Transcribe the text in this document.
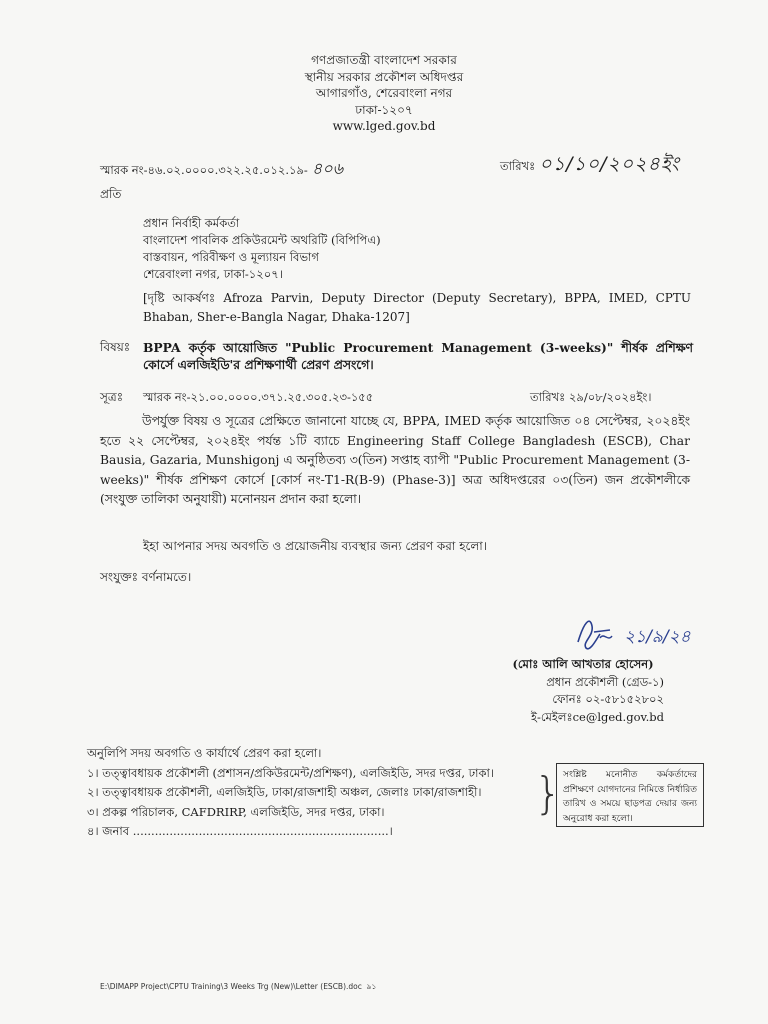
গণপ্রজাতন্ত্রী বাংলাদেশ সরকার
স্থানীয় সরকার প্রকৌশল অধিদপ্তর
আগারগাঁও, শেরেবাংলা নগর
ঢাকা-১২০৭
www.lged.gov.bd
স্মারক নং-৪৬.০২.০০০০.৩২২.২৫.০১২.১৯- ৪০৬	তারিখঃ ০১/১০/২০২৪ইং
প্রতি
প্রধান নির্বাহী কর্মকর্তা
বাংলাদেশ পাবলিক প্রকিউরমেন্ট অথরিটি (বিপিপিএ)
বাস্তবায়ন, পরিবীক্ষণ ও মূল্যায়ন বিভাগ
শেরেবাংলা নগর, ঢাকা-১২০৭।
[দৃষ্টি আকর্ষণঃ Afroza Parvin, Deputy Director (Deputy Secretary), BPPA, IMED, CPTU Bhaban, Sher-e-Bangla Nagar, Dhaka-1207]
বিষয়ঃ BPPA কর্তৃক আয়োজিত "Public Procurement Management (3-weeks)" শীর্ষক প্রশিক্ষণ কোর্সে এলজিইডি'র প্রশিক্ষণার্থী প্রেরণ প্রসংগে।
সূত্রঃ স্মারক নং-২১.০০.০০০০.৩৭১.২৫.৩০৫.২৩-১৫৫	তারিখঃ ২৯/০৮/২০২৪ইং।
উপর্যুক্ত বিষয় ও সূত্রের প্রেক্ষিতে জানানো যাচ্ছে যে, BPPA, IMED কর্তৃক আয়োজিত ০৪ সেপ্টেম্বর, ২০২৪ইং হতে ২২ সেপ্টেম্বর, ২০২৪ইং পর্যন্ত ১টি ব্যাচে Engineering Staff College Bangladesh (ESCB), Char Bausia, Gazaria, Munshigonj এ অনুষ্ঠিতব্য ৩(তিন) সপ্তাহ ব্যাপী "Public Procurement Management (3-weeks)" শীর্ষক প্রশিক্ষণ কোর্সে [কোর্স নং-T1-R(B-9) (Phase-3)] অত্র অধিদপ্তরের ০৩(তিন) জন প্রকৌশলীকে (সংযুক্ত তালিকা অনুযায়ী) মনোনয়ন প্রদান করা হলো।
ইহা আপনার সদয় অবগতি ও প্রয়োজনীয় ব্যবস্থার জন্য প্রেরণ করা হলো।
সংযুক্তঃ বর্ণনামতে।
২১/৯/২৪
(মোঃ আলি আখতার হোসেন)
প্রধান প্রকৌশলী (গ্রেড-১)
ফোনঃ ০২-৫৮১৫২৮০২
ই-মেইলঃce@lged.gov.bd
অনুলিপি সদয় অবগতি ও কার্যার্থে প্রেরণ করা হলো।
১। তত্ত্বাবধায়ক প্রকৌশলী (প্রশাসন/প্রকিউরমেন্ট/প্রশিক্ষণ), এলজিইডি, সদর দপ্তর, ঢাকা।
২। তত্ত্বাবধায়ক প্রকৌশলী, এলজিইডি, ঢাকা/রাজশাহী অঞ্চল, জেলাঃ ঢাকা/রাজশাহী।
৩। প্রকল্প পরিচালক, CAFDRIRP, এলজিইডি, সদর দপ্তর, ঢাকা।
৪। জনাব ......................................................................।
} সংশ্লিষ্ট মনোনীত কর্মকর্তাদের প্রশিক্ষণে যোগদানের নিমিত্তে নির্ধারিত তারিখ ও সময়ে ছাড়পত্র দেয়ার জন্য অনুরোধ করা হলো।
E:\DIMAPP Project\CPTU Training\3 Weeks Trg (New)\Letter (ESCB).doc ৯১
